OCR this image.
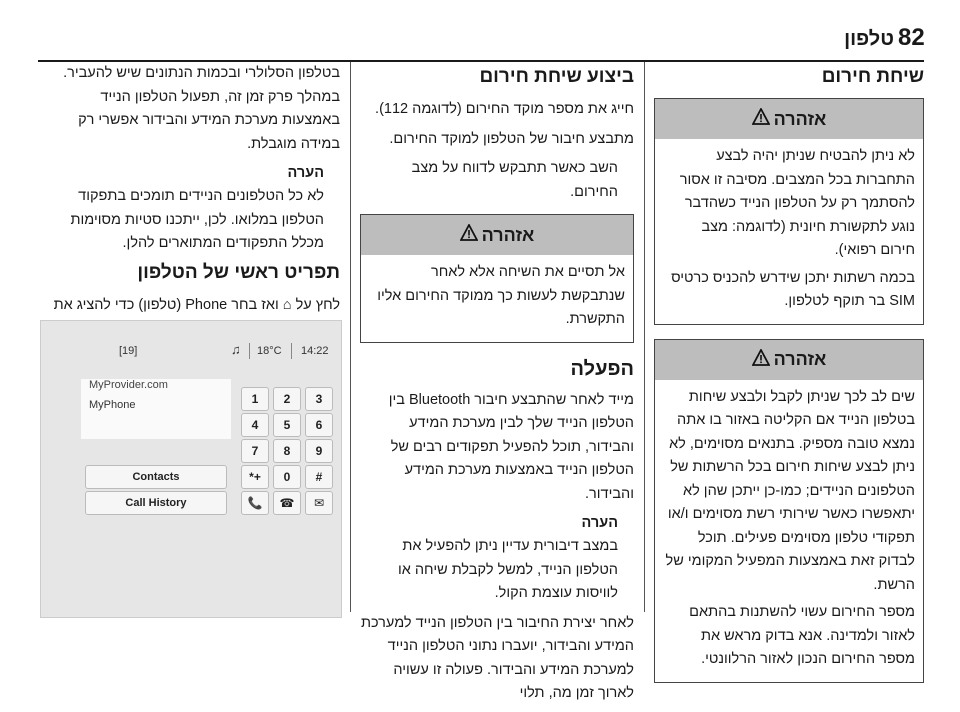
82
טלפון
שיחת חירום
אזהרה

לא ניתן להבטיח שניתן יהיה לבצע התחברות בכל המצבים. מסיבה זו אסור להסתמך רק על הטלפון הנייד כשהדבר נוגע לתקשורת חיונית (לדוגמה: מצב חירום רפואי).

בכמה רשתות יתכן שידרש להכניס כרטיס SIM בר תוקף לטלפון.

אזהרה

שים לב לכך שניתן לקבל ולבצע שיחות בטלפון הנייד אם הקליטה באזור בו אתה נמצא טובה מספיק. בתנאים מסוימים, לא ניתן לבצע שיחות חירום בכל הרשתות של הטלפונים הניידים; כמו-כן ייתכן שהן לא יתאפשרו כאשר שירותי רשת מסוימים ו/או תפקודי טלפון מסוימים פעילים. תוכל לבדוק זאת באמצעות המפעיל המקומי של הרשת.

מספר החירום עשוי להשתנות בהתאם לאזור ולמדינה. אנא בדוק מראש את מספר החירום הנכון לאזור הרלוונטי.

ביצוע שיחת חירום

חייג את מספר מוקד החירום (לדוגמה 112).

מתבצע חיבור של הטלפון למוקד החירום.

השב כאשר תתבקש לדווח על מצב החירום.

אזהרה

אל תסיים את השיחה אלא לאחר שנתבקשת לעשות כך ממוקד החירום אליו התקשרת.

הפעלה

מייד לאחר שהתבצע חיבור Bluetooth בין הטלפון הנייד שלך לבין מערכת המידע והבידור, תוכל להפעיל תפקודים רבים של הטלפון הנייד באמצעות מערכת המידע והבידור.

הערה

במצב דיבורית עדיין ניתן להפעיל את הטלפון הנייד, למשל לקבלת שיחה או לוויסות עוצמת הקול.

לאחר יצירת החיבור בין הטלפון הנייד למערכת המידע והבידור, יועברו נתוני הטלפון הנייד למערכת המידע והבידור. פעולה זו עשויה לארוך זמן מה, תלוי

בטלפון הסלולרי ובכמות הנתונים שיש להעביר. במהלך פרק זמן זה, תפעול הטלפון הנייד באמצעות מערכת המידע והבידור אפשרי רק במידה מוגבלת.

הערה

לא כל הטלפונים הניידים תומכים בתפקוד הטלפון במלואו. לכן, ייתכנו סטיות מסוימות מכלל התפקודים המתוארים להלן.

תפריט ראשי של הטלפון

לחץ על ⌂ ואז בחר Phone (טלפון) כדי להציג את

[19]	♫ 18°C 14:22
MyProvider.com
MyPhone	1	2	3
4	5	6
7	8	9
*+	0	#
Contacts
Call History	📞	☎	✉
